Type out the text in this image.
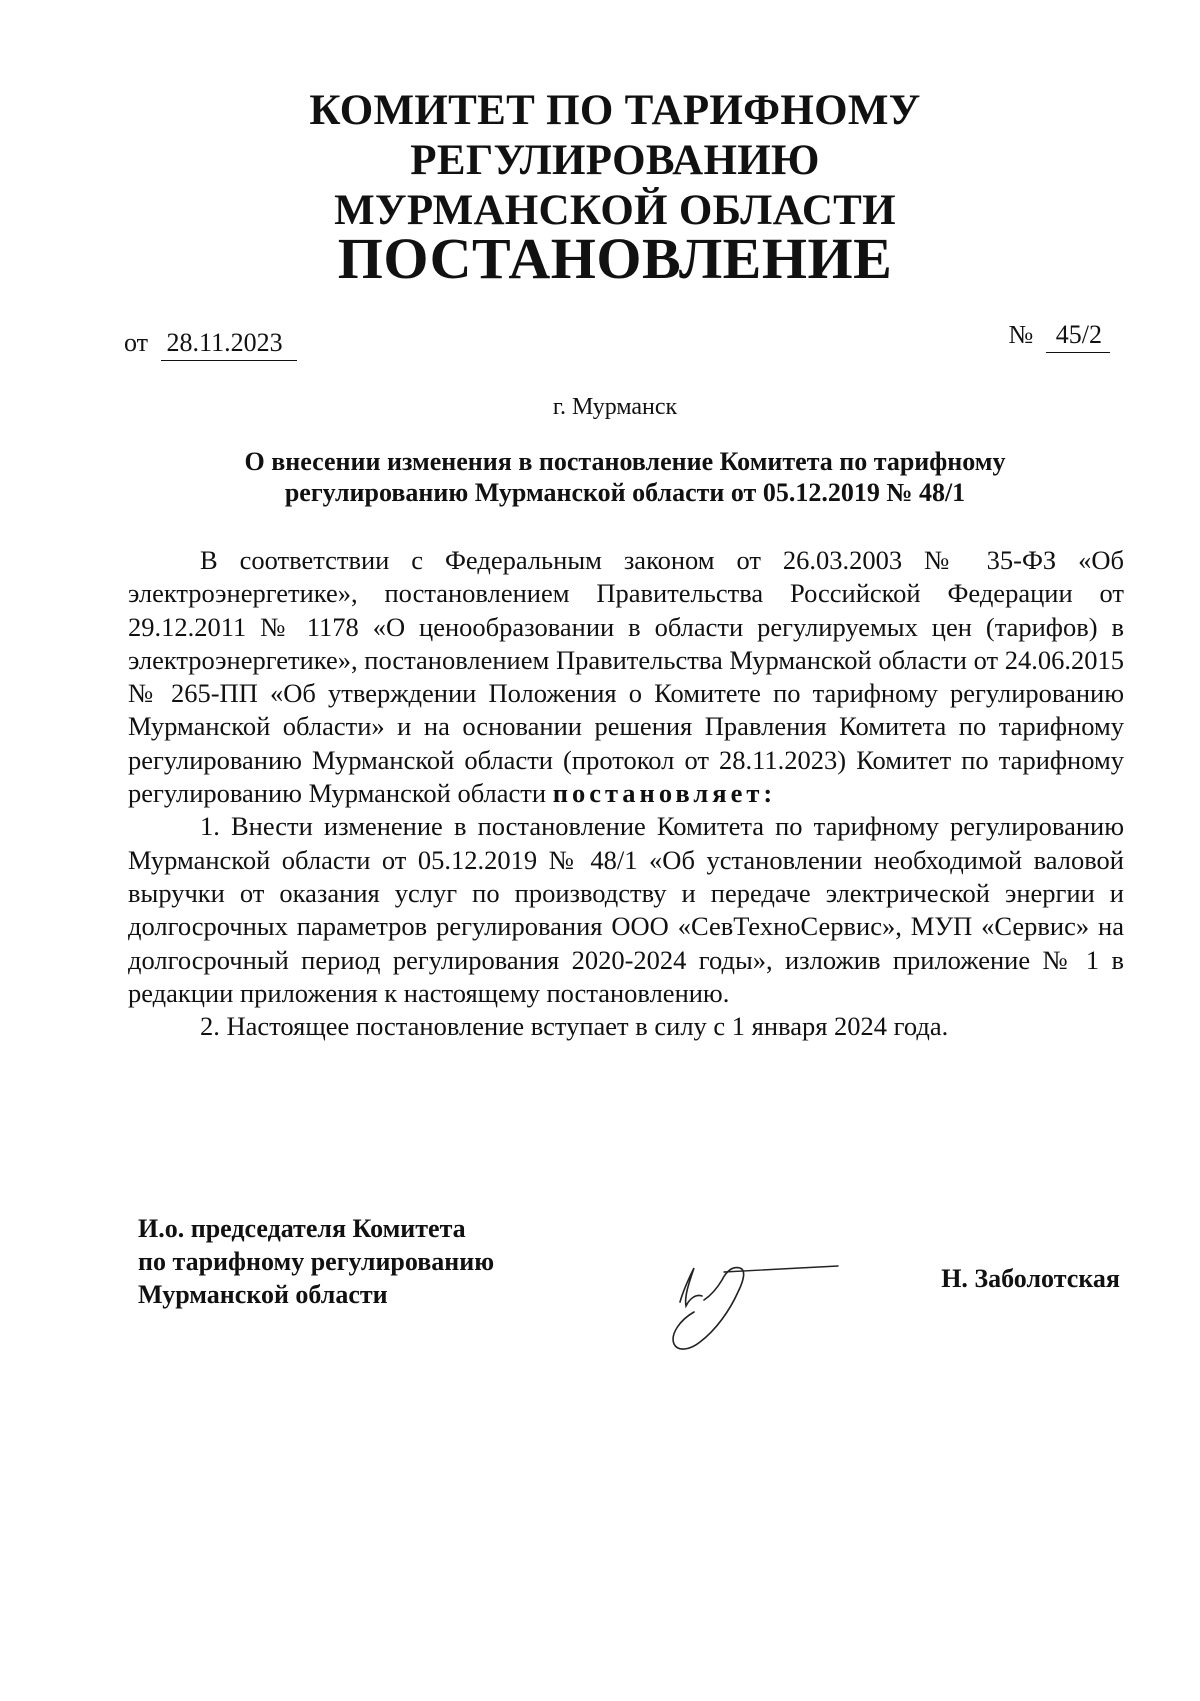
КОМИТЕТ ПО ТАРИФНОМУ РЕГУЛИРОВАНИЮ
МУРМАНСКОЙ ОБЛАСТИ
ПОСТАНОВЛЕНИЕ
от 28.11.2023	№ 45/2
г. Мурманск
О внесении изменения в постановление Комитета по тарифному
регулированию Мурманской области от 05.12.2019 № 48/1

В соответствии с Федеральным законом от 26.03.2003 № 35-ФЗ «Об электроэнергетике», постановлением Правительства Российской Федерации от 29.12.2011 № 1178 «О ценообразовании в области регулируемых цен (тарифов) в электроэнергетике», постановлением Правительства Мурманской области от 24.06.2015 № 265-ПП «Об утверждении Положения о Комитете по тарифному регулированию Мурманской области» и на основании решения Правления Комитета по тарифному регулированию Мурманской области (протокол от 28.11.2023) Комитет по тарифному регулированию Мурманской области постановляет:

1. Внести изменение в постановление Комитета по тарифному регулированию Мурманской области от 05.12.2019 № 48/1 «Об установлении необходимой валовой выручки от оказания услуг по производству и передаче электрической энергии и долгосрочных параметров регулирования ООО «СевТехноСервис», МУП «Сервис» на долгосрочный период регулирования 2020-2024 годы», изложив приложение № 1 в редакции приложения к настоящему постановлению.

2. Настоящее постановление вступает в силу с 1 января 2024 года.

И.о. председателя Комитета
по тарифному регулированию
Мурманской области
Н. Заболотская
